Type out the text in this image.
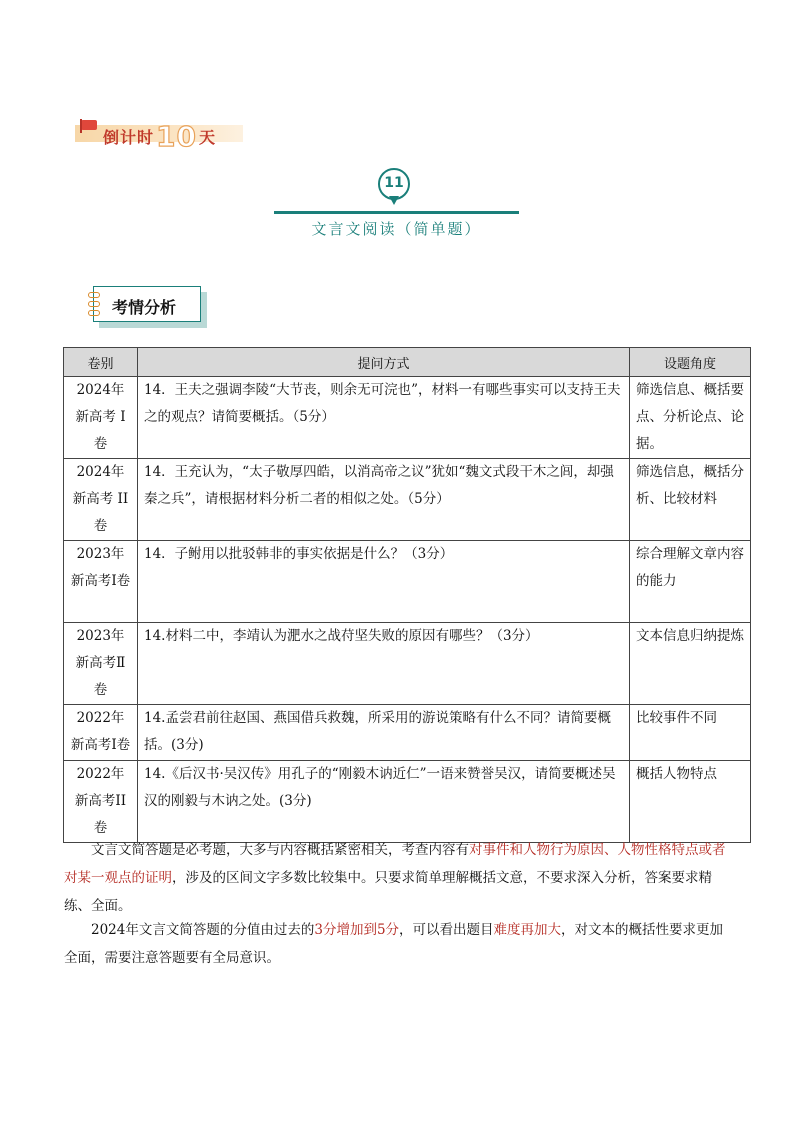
倒计时10 天
11
文言文阅读（简单题）
考情分析
卷别	提问方式	设题角度
2024年新高考 I卷	14．王夫之强调李陵“大节丧，则余无可浣也”，材料一有哪些事实可以支持王夫之的观点？请简要概括。（5分）	筛选信息、概括要点、分析论点、论据。
2024年新高考 II卷	14．王充认为，“太子敬厚四皓，以消高帝之议”犹如“魏文式段干木之闾，却强秦之兵”，请根据材料分析二者的相似之处。（5分）	筛选信息，概括分析、比较材料
2023年新高考I卷	14．子鲋用以批驳韩非的事实依据是什么？（3分）	综合理解文章内容的能力
2023年新高考Ⅱ卷	14.材料二中，李靖认为淝水之战苻坚失败的原因有哪些？（3分）	文本信息归纳提炼
2022年新高考I卷	14.孟尝君前往赵国、燕国借兵救魏，所采用的游说策略有什么不同？请简要概括。(3分)	比较事件不同
2022年新高考II卷	14.《后汉书·吴汉传》用孔子的“刚毅木讷近仁”一语来赞誉吴汉，请简要概述吴汉的刚毅与木讷之处。(3分)	概括人物特点

文言文简答题是必考题，大多与内容概括紧密相关，考查内容有对事件和人物行为原因、人物性格特点或者对某一观点的证明，涉及的区间文字多数比较集中。只要求简单理解概括文意，不要求深入分析，答案要求精练、全面。

2024年文言文简答题的分值由过去的3分增加到5分，可以看出题目难度再加大，对文本的概括性要求更加全面，需要注意答题要有全局意识。
